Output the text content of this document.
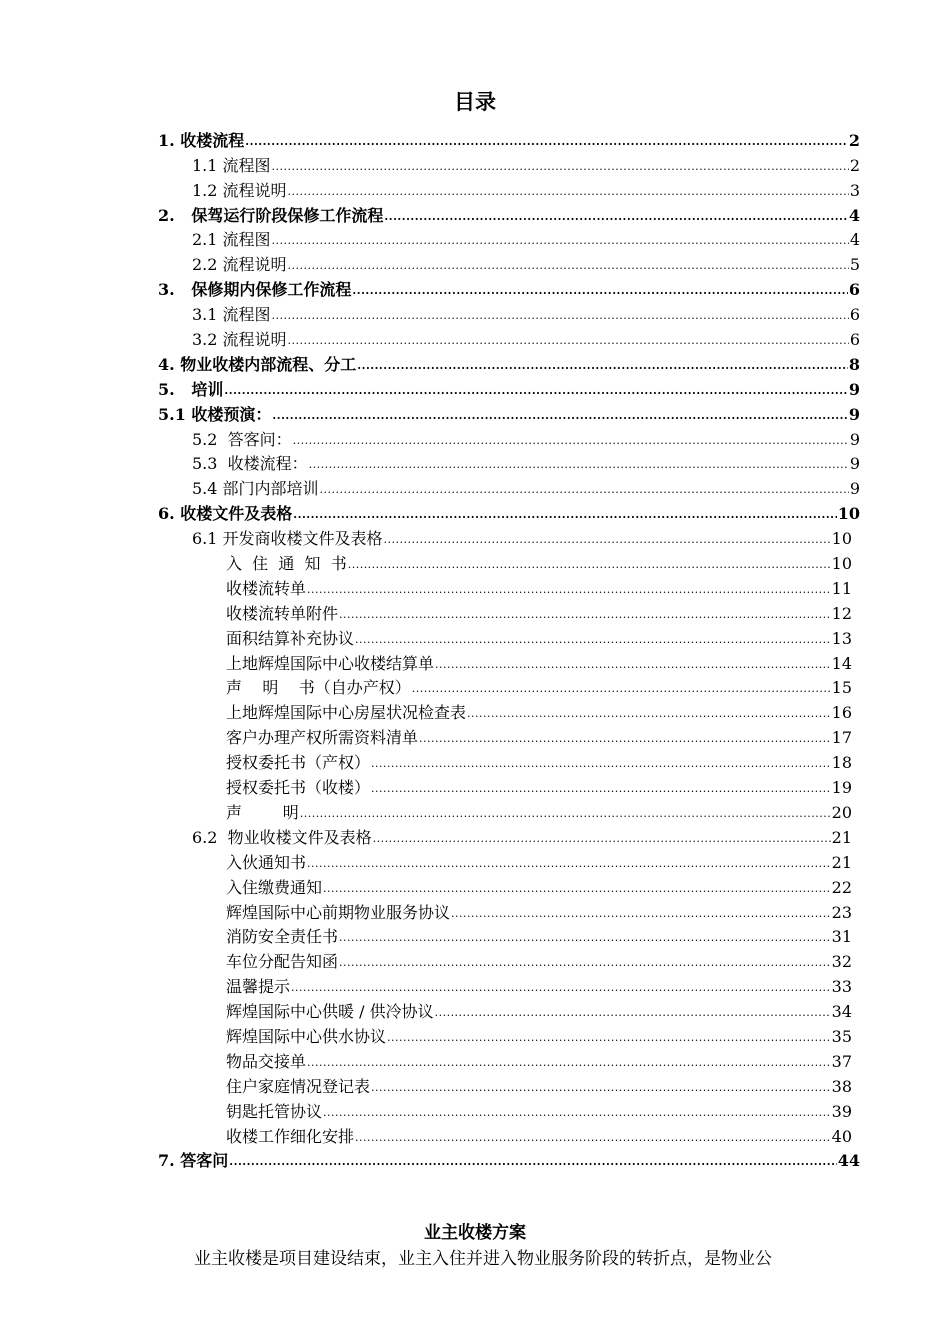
目录
1. 收楼流程 .....	2
1.1 流程图 .....	2
1.2 流程说明 .....	3
2.   保驾运行阶段保修工作流程 .....	4
2.1 流程图 .....	4
2.2 流程说明 .....	5
3.   保修期内保修工作流程 .....	6
3.1 流程图 .....	6
3.2 流程说明 .....	6
4. 物业收楼内部流程、分工 .....	8
5.   培训 .....	9
5.1 收楼预演： .....	9
5.2  答客问： .....	9
5.3  收楼流程： .....	9
5.4 部门内部培训 .....	9
6. 收楼文件及表格 .....	10
6.1 开发商收楼文件及表格 .....	10
入  住  通  知  书 .....	10
收楼流转单 .....	11
收楼流转单附件 .....	12
面积结算补充协议 .....	13
上地辉煌国际中心收楼结算单 .....	14
声    明    书（自办产权） .....	15
上地辉煌国际中心房屋状况检查表 .....	16
客户办理产权所需资料清单 .....	17
授权委托书（产权） .....	18
授权委托书（收楼） .....	19
声        明 .....	20
6.2  物业收楼文件及表格 .....	21
入伙通知书 .....	21
入住缴费通知 .....	22
辉煌国际中心前期物业服务协议 .....	23
消防安全责任书 .....	31
车位分配告知函 .....	32
温馨提示 .....	33
辉煌国际中心供暖 / 供冷协议 .....	34
辉煌国际中心供水协议 .....	35
物品交接单 .....	37
住户家庭情况登记表 .....	38
钥匙托管协议 .....	39
收楼工作细化安排 .....	40
7. 答客问 .....	44
业主收楼方案
业主收楼是项目建设结束，业主入住并进入物业服务阶段的转折点，是物业公
